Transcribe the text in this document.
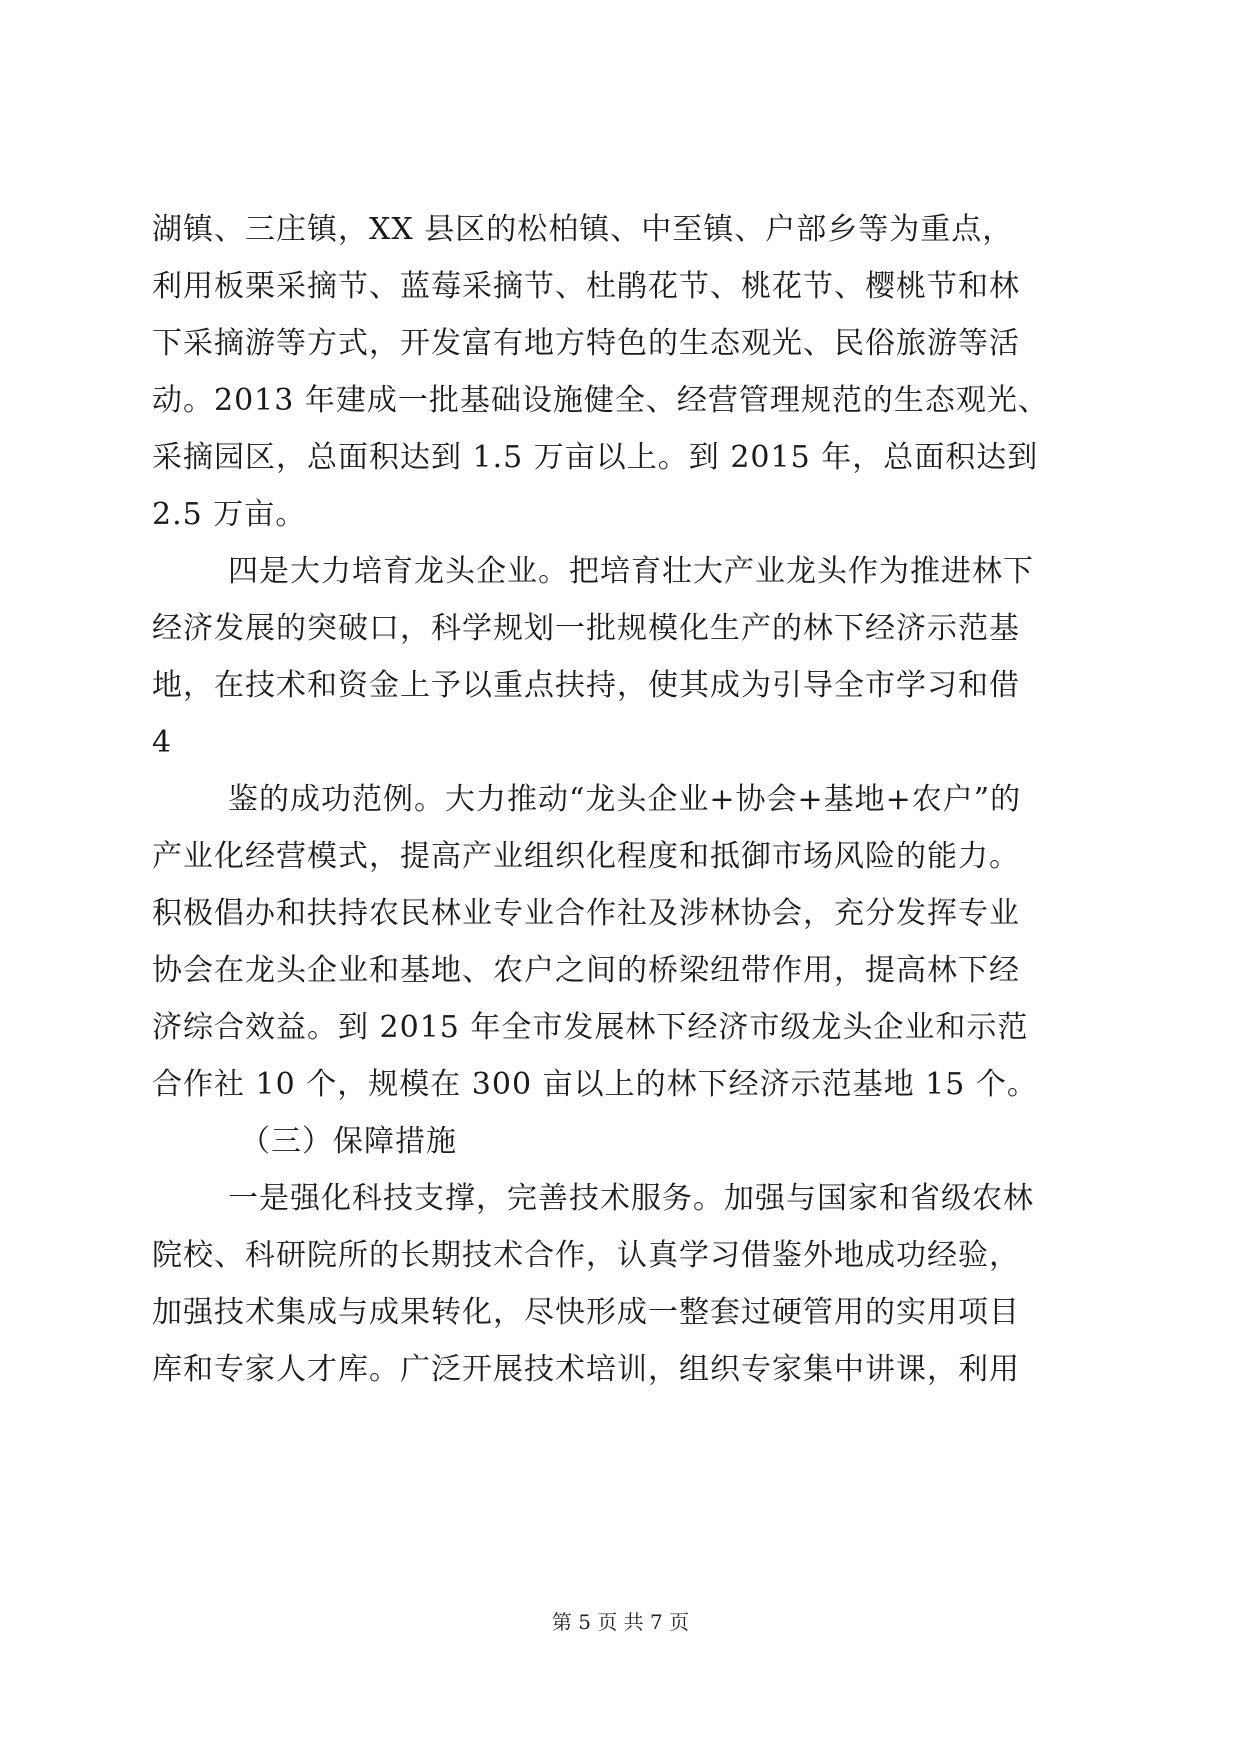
湖镇、三庄镇，XX 县区的松柏镇、中至镇、户部乡等为重点，
利用板栗采摘节、蓝莓采摘节、杜鹃花节、桃花节、樱桃节和林
下采摘游等方式，开发富有地方特色的生态观光、民俗旅游等活
动。2013 年建成一批基础设施健全、经营管理规范的生态观光、
采摘园区，总面积达到 1.5 万亩以上。到 2015 年，总面积达到
2.5 万亩。
四是大力培育龙头企业。把培育壮大产业龙头作为推进林下
经济发展的突破口，科学规划一批规模化生产的林下经济示范基
地，在技术和资金上予以重点扶持，使其成为引导全市学习和借
4
鉴的成功范例。大力推动“龙头企业+协会+基地+农户”的
产业化经营模式，提高产业组织化程度和抵御市场风险的能力。
积极倡办和扶持农民林业专业合作社及涉林协会，充分发挥专业
协会在龙头企业和基地、农户之间的桥梁纽带作用，提高林下经
济综合效益。到 2015 年全市发展林下经济市级龙头企业和示范
合作社 10 个，规模在 300 亩以上的林下经济示范基地 15 个。
（三）保障措施
一是强化科技支撑，完善技术服务。加强与国家和省级农林
院校、科研院所的长期技术合作，认真学习借鉴外地成功经验，
加强技术集成与成果转化，尽快形成一整套过硬管用的实用项目
库和专家人才库。广泛开展技术培训，组织专家集中讲课，利用
第 5 页 共 7 页
